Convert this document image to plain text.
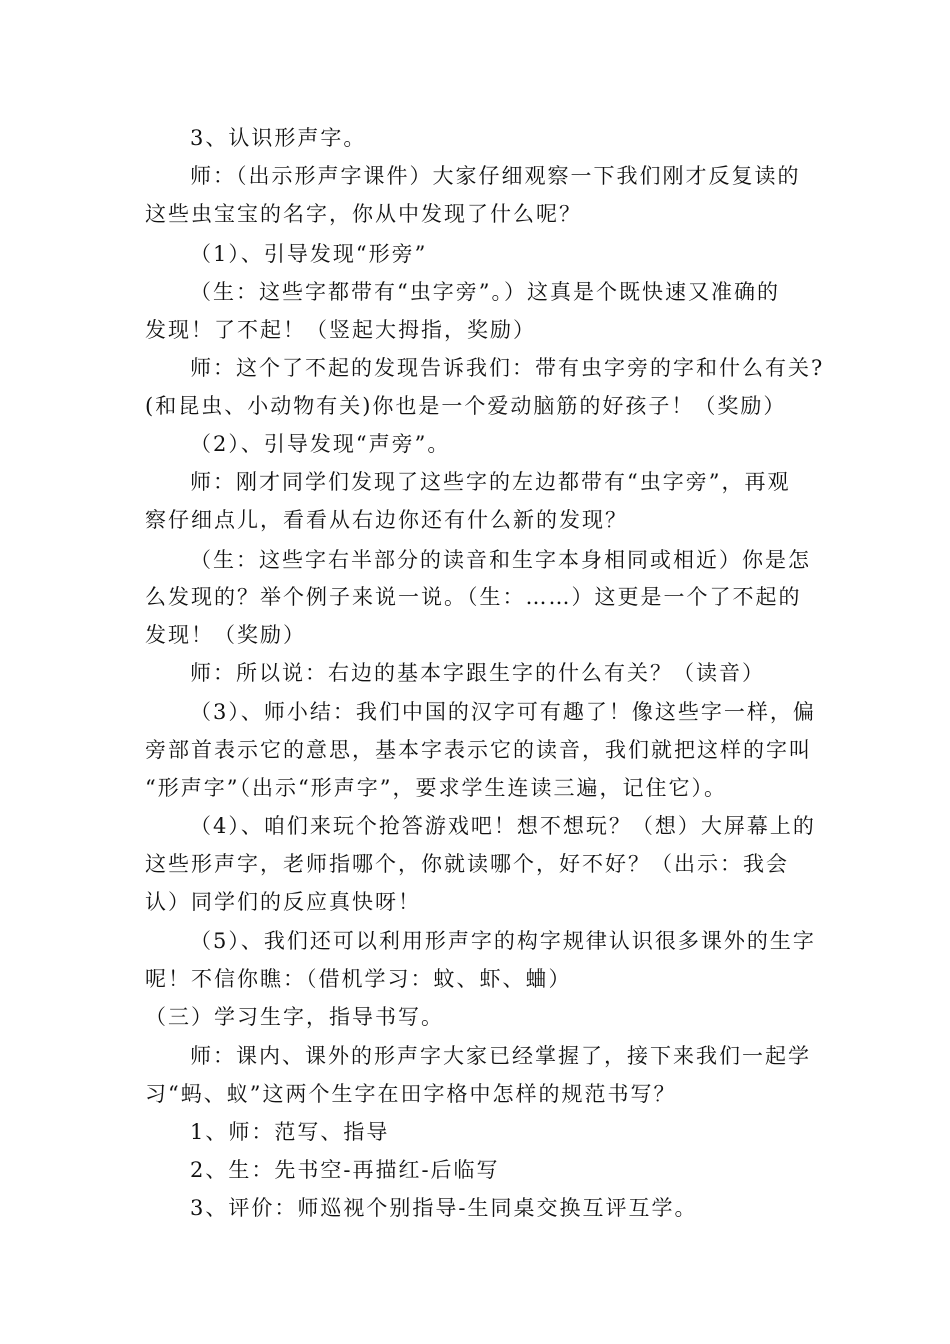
3、认识形声字。
师：（出示形声字课件）大家仔细观察一下我们刚才反复读的
这些虫宝宝的名字，你从中发现了什么呢？
（1）、引导发现“形旁”
（生：这些字都带有“虫字旁”。）这真是个既快速又准确的
发现！了不起！（竖起大拇指，奖励）
师：这个了不起的发现告诉我们：带有虫字旁的字和什么有关?
(和昆虫、小动物有关)你也是一个爱动脑筋的好孩子！（奖励）
（2）、引导发现“声旁”。
师：刚才同学们发现了这些字的左边都带有“虫字旁”，再观
察仔细点儿，看看从右边你还有什么新的发现？
（生：这些字右半部分的读音和生字本身相同或相近）你是怎
么发现的？举个例子来说一说。（生：……）这更是一个了不起的
发现！（奖励）
师：所以说：右边的基本字跟生字的什么有关？（读音）
（3）、师小结：我们中国的汉字可有趣了！像这些字一样，偏
旁部首表示它的意思，基本字表示它的读音，我们就把这样的字叫
“形声字”（出示“形声字”，要求学生连读三遍，记住它）。
（4）、咱们来玩个抢答游戏吧！想不想玩？（想）大屏幕上的
这些形声字，老师指哪个，你就读哪个，好不好？（出示：我会
认）同学们的反应真快呀！
（5）、我们还可以利用形声字的构字规律认识很多课外的生字
呢！不信你瞧：（借机学习：蚊、虾、蛐）
（三）学习生字，指导书写。
师：课内、课外的形声字大家已经掌握了，接下来我们一起学
习“蚂、蚁”这两个生字在田字格中怎样的规范书写？
1、师：范写、指导
2、生：先书空-再描红-后临写
3、评价：师巡视个别指导-生同桌交换互评互学。
